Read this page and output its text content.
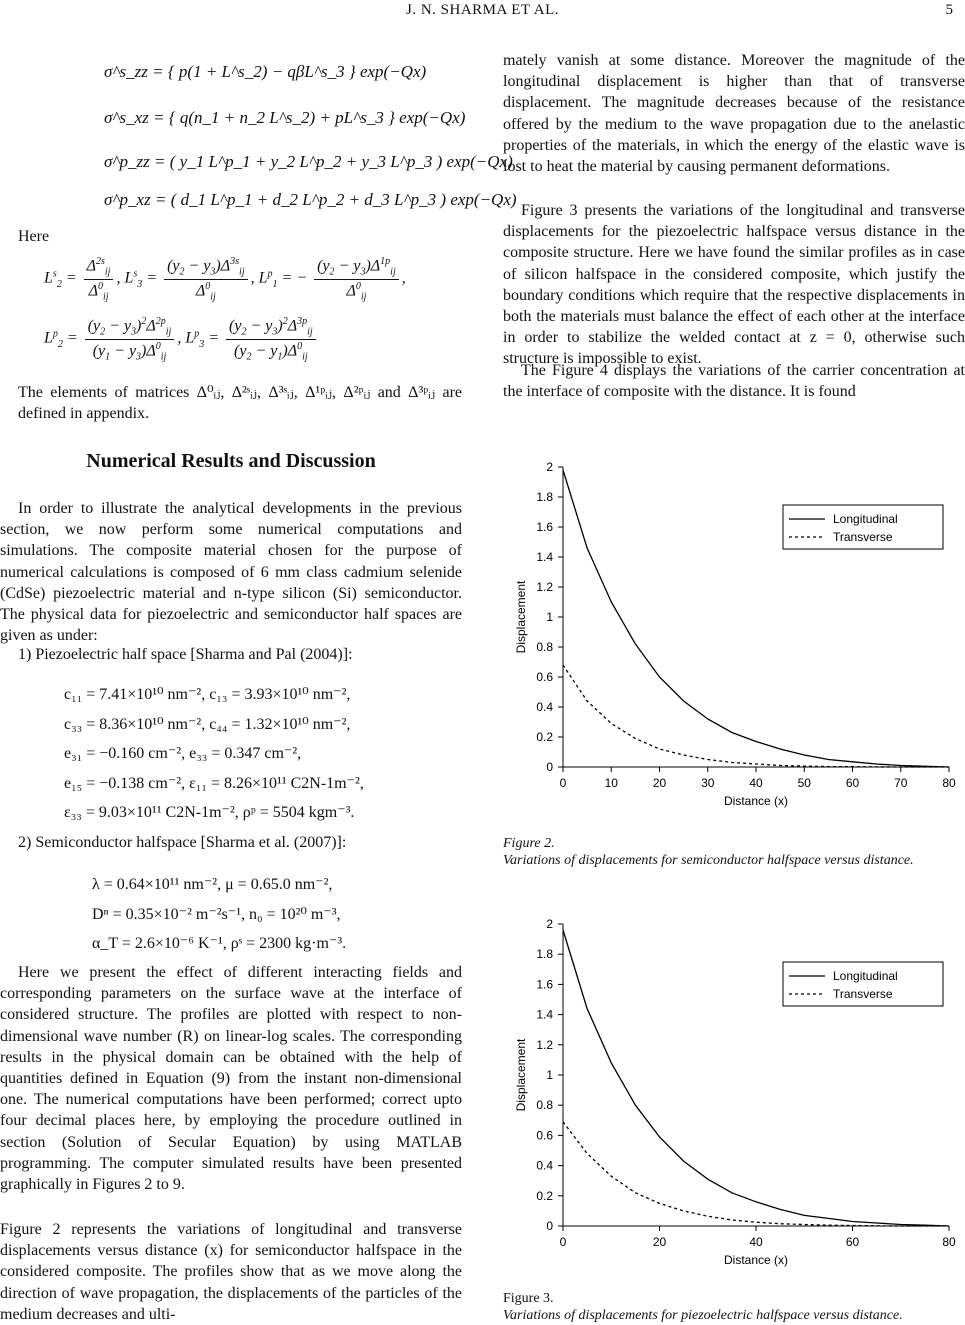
J. N. SHARMA ET AL.	5
σ^s_zz = { p(1 + L^s_2) − qβL^s_3 } exp(−Qx)
σ^s_xz = { q(n_1 + n_2 L^s_2) + pL^s_3 } exp(−Qx)
σ^p_zz = ( y_1 L^p_1 + y_2 L^p_2 + y_3 L^p_3 ) exp(−Qx)
σ^p_xz = ( d_1 L^p_1 + d_2 L^p_2 + d_3 L^p_3 ) exp(−Qx)
Here
$L^s_2 = \frac{\Delta^{2s}_{ij}}{\Delta^0_{ij}}$ , $L^s_3 = \frac{(y_2 - y_3)\Delta^{3s}_{ij}}{\Delta^0_{ij}}$ , $L^p_1$ = − $\frac{(y_2 - y_3)\Delta^{1p}_{ij}}{\Delta^0_{ij}}$ ,
$L^p_2 = \frac{(y_2 - y_3)^2\Delta^{2p}_{ij}}{(y_1 - y_3)\Delta^0_{ij}}$ , $L^p_3 = \frac{(y_2 - y_3)^2\Delta^{3p}_{ij}}{(y_2 - y_1)\Delta^0_{ij}}$
The elements of matrices Δ⁰ᵢⱼ, Δ²ˢᵢⱼ, Δ³ˢᵢⱼ, Δ¹ᵖᵢⱼ, Δ²ᵖᵢⱼ and Δ³ᵖᵢⱼ are defined in appendix.
Numerical Results and Discussion
In order to illustrate the analytical developments in the previous section, we now perform some numerical computations and simulations. The composite material chosen for the purpose of numerical calculations is composed of 6 mm class cadmium selenide (CdSe) piezoelectric material and n-type silicon (Si) semiconductor. The physical data for piezoelectric and semiconductor half spaces are given as under:
1) Piezoelectric half space [Sharma and Pal (2004)]:
c₁₁ = 7.41×10¹⁰ nm⁻², c₁₃ = 3.93×10¹⁰ nm⁻²,
c₃₃ = 8.36×10¹⁰ nm⁻², c₄₄ = 1.32×10¹⁰ nm⁻²,
e₃₁ = −0.160 cm⁻², e₃₃ = 0.347 cm⁻²,
e₁₅ = −0.138 cm⁻², ε₁₁ = 8.26×10¹¹ C2N-1m⁻²,
ε₃₃ = 9.03×10¹¹ C2N-1m⁻², ρᵖ = 5504 kgm⁻³.
2) Semiconductor halfspace [Sharma et al. (2007)]:
λ = 0.64×10¹¹ nm⁻², μ = 0.65.0 nm⁻²,
Dⁿ = 0.35×10⁻² m⁻²s⁻¹, n₀ = 10²⁰ m⁻³,
α_T = 2.6×10⁻⁶ K⁻¹, ρˢ = 2300 kg·m⁻³.
Here we present the effect of different interacting fields and corresponding parameters on the surface wave at the interface of considered structure. The profiles are plotted with respect to non-dimensional wave number (R) on linear-log scales. The corresponding results in the physical domain can be obtained with the help of quantities defined in Equation (9) from the instant non-dimensional one. The numerical computations have been performed; correct upto four decimal places here, by employing the procedure outlined in section (Solution of Secular Equation) by using MATLAB programming. The computer simulated results have been presented graphically in Figures 2 to 9.
Figure 2 represents the variations of longitudinal and transverse displacements versus distance (x) for semiconductor halfspace in the considered composite. The profiles show that as we move along the direction of wave propagation, the displacements of the particles of the medium decreases and ulti-
mately vanish at some distance. Moreover the magnitude of the longitudinal displacement is higher than that of transverse displacement. The magnitude decreases because of the resistance offered by the medium to the wave propagation due to the anelastic properties of the materials, in which the energy of the elastic wave is lost to heat the material by causing permanent deformations.
Figure 3 presents the variations of the longitudinal and transverse displacements for the piezoelectric halfspace versus distance in the composite structure. Here we have found the similar profiles as in case of silicon halfspace in the considered composite, which justify the boundary conditions which require that the respective displacements in both the materials must balance the effect of each other at the interface in order to stabilize the welded contact at z = 0, otherwise such structure is impossible to exist.
The Figure 4 displays the variations of the carrier concentration at the interface of composite with the distance. It is found
0
0.2
0.4
0.6
0.8
1
1.2
1.4
1.6
1.8
2
0	10	20	30	40	50	60	70	80
Distance (x)
Displacement
Longitudinal
Transverse
Figure 2.
Variations of displacements for semiconductor halfspace versus distance.
0
0.2
0.4
0.6
0.8
1
1.2
1.4
1.6
1.8
2
0	20	40	60	80
Distance (x)
Displacement
Longitudinal
Transverse
Figure 3.
Variations of displacements for piezoelectric halfspace versus distance.
